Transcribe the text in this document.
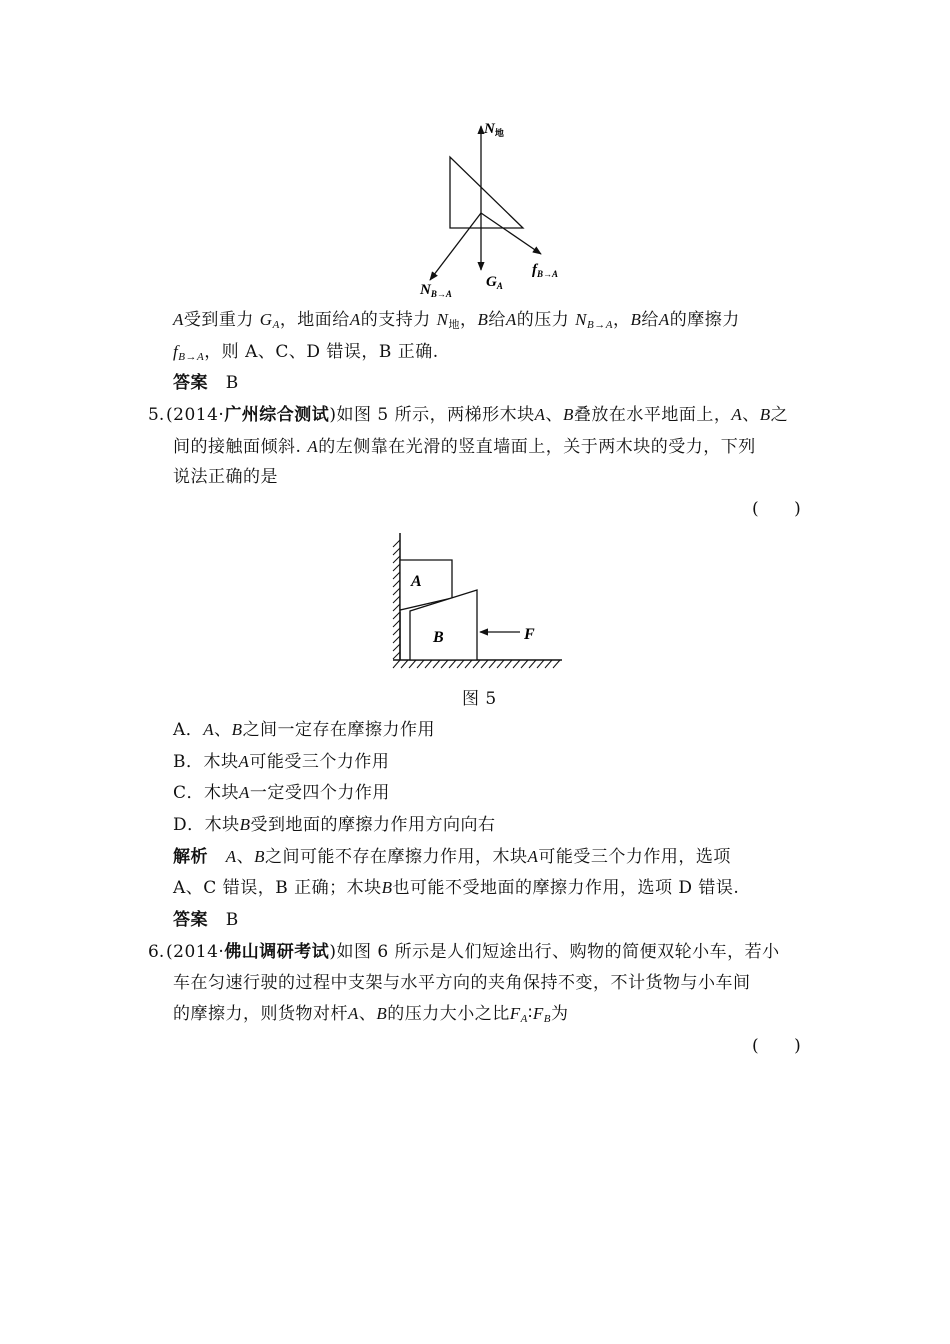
$N_地$
$G_A$
$N_{B\to A}$
$f_{B\to A}$
A受到重力 $G_A$，地面给A的支持力 $N_地$，B给A的压力 $N_{B\to A}$，B给A的摩擦力
$f_{B\to A}$，则 A、C、D 错误，B 正确.
答案 B
5. (2014·广州综合测试)如图 5 所示，两梯形木块A、B叠放在水平地面上，A、B之
间的接触面倾斜. A的左侧靠在光滑的竖直墙面上，关于两木块的受力，下列
说法正确的是
(　　)
A
B	F
图 5
A．A、B之间一定存在摩擦力作用
B．木块A可能受三个力作用
C．木块A一定受四个力作用
D．木块B受到地面的摩擦力作用方向向右
解析 A、B之间可能不存在摩擦力作用，木块A可能受三个力作用，选项
A、C 错误，B 正确；木块B也可能不受地面的摩擦力作用，选项 D 错误.
答案 B
6. (2014·佛山调研考试)如图 6 所示是人们短途出行、购物的简便双轮小车，若小
车在匀速行驶的过程中支架与水平方向的夹角保持不变，不计货物与小车间
的摩擦力，则货物对杆A、B的压力大小之比$F_A∶F_B$为
(　　)
